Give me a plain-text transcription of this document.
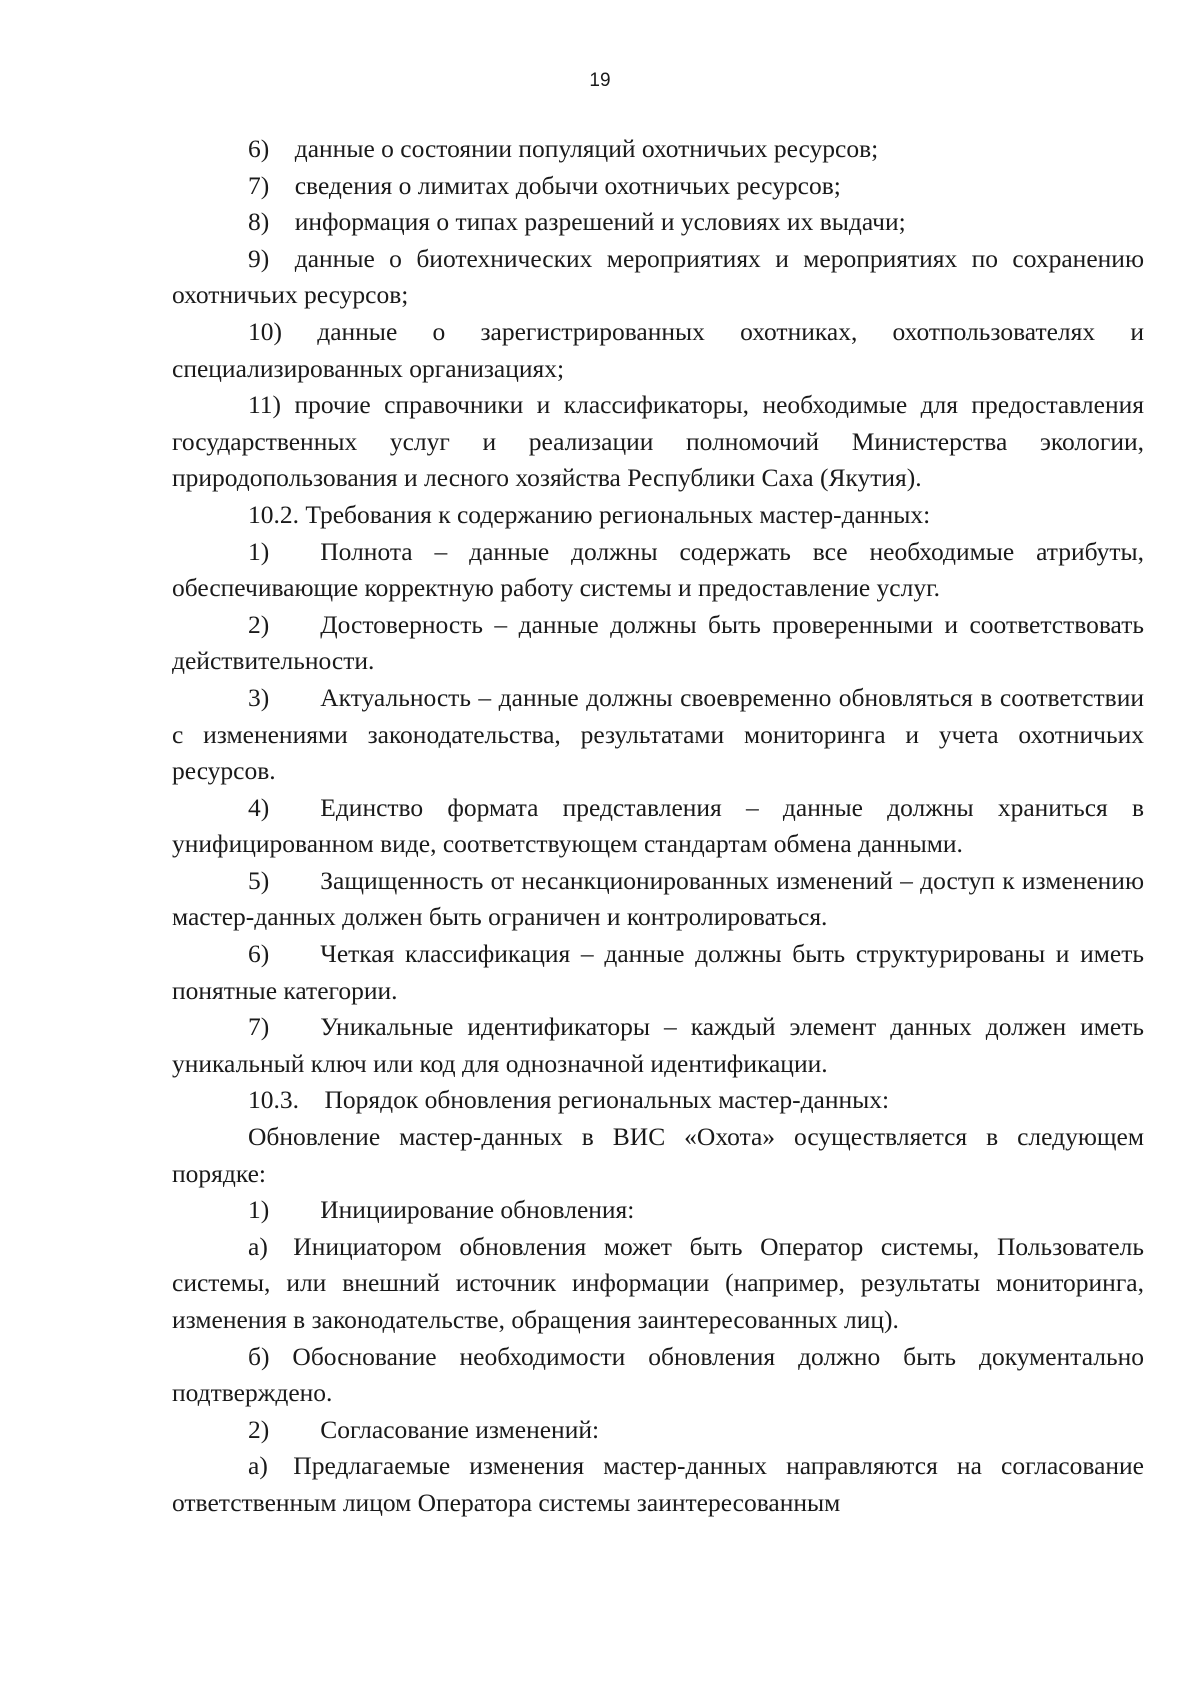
19

6) данные о состоянии популяций охотничьих ресурсов;

7) сведения о лимитах добычи охотничьих ресурсов;

8) информация о типах разрешений и условиях их выдачи;

9) данные о биотехнических мероприятиях и мероприятиях по сохранению охотничьих ресурсов;

10) данные о зарегистрированных охотниках, охотпользователях и специализированных организациях;

11) прочие справочники и классификаторы, необходимые для предоставления государственных услуг и реализации полномочий Министерства экологии, природопользования и лесного хозяйства Республики Саха (Якутия).

10.2. Требования к содержанию региональных мастер-данных:

1)  Полнота – данные должны содержать все необходимые атрибуты, обеспечивающие корректную работу системы и предоставление услуг.

2)  Достоверность – данные должны быть проверенными и соответствовать действительности.

3)  Актуальность – данные должны своевременно обновляться в соответствии с изменениями законодательства, результатами мониторинга и учета охотничьих ресурсов.

4)  Единство формата представления – данные должны храниться в унифицированном виде, соответствующем стандартам обмена данными.

5)  Защищенность от несанкционированных изменений – доступ к изменению мастер-данных должен быть ограничен и контролироваться.

6)  Четкая классификация – данные должны быть структурированы и иметь понятные категории.

7)  Уникальные идентификаторы – каждый элемент данных должен иметь уникальный ключ или код для однозначной идентификации.

10.3. Порядок обновления региональных мастер-данных:

Обновление мастер-данных в ВИС «Охота» осуществляется в следующем порядке:

1)  Инициирование обновления:

а) Инициатором обновления может быть Оператор системы, Пользователь системы, или внешний источник информации (например, результаты мониторинга, изменения в законодательстве, обращения заинтересованных лиц).

б) Обоснование необходимости обновления должно быть документально подтверждено.

2)  Согласование изменений:

а) Предлагаемые изменения мастер-данных направляются на согласование ответственным лицом Оператора системы заинтересованным
